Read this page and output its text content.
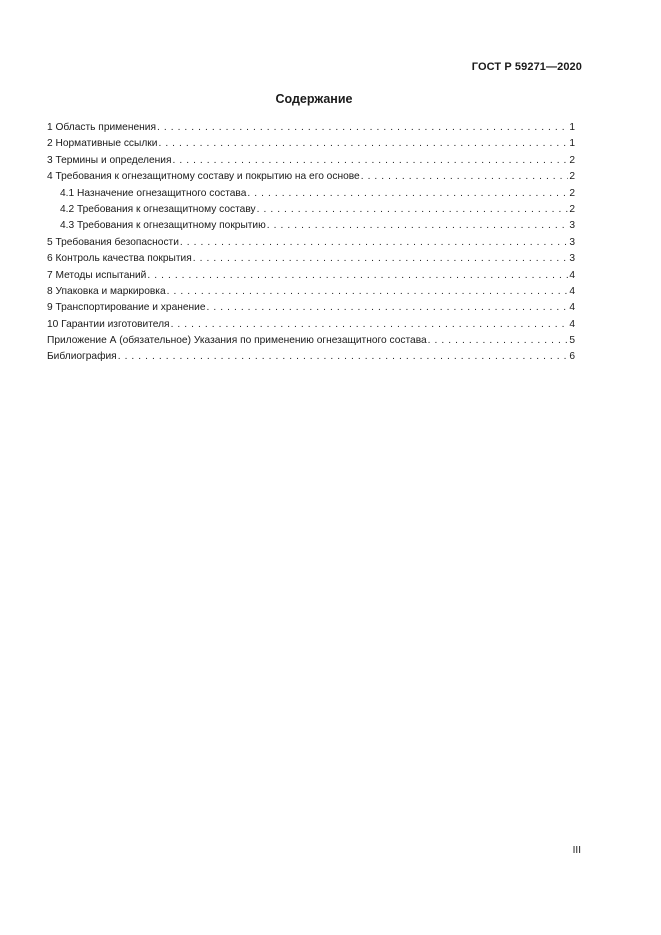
ГОСТ Р 59271—2020
Содержание
1 Область применения . . .	1
2 Нормативные ссылки . . .	1
3 Термины и определения . . .	2
4 Требования к огнезащитному составу и покрытию на его основе . . .	2
4.1 Назначение огнезащитного состава . . .	2
4.2 Требования к огнезащитному составу . . .	2
4.3 Требования к огнезащитному покрытию . . .	3
5 Требования безопасности . . .	3
6 Контроль качества покрытия . . .	3
7 Методы испытаний . . .	4
8 Упаковка и маркировка . . .	4
9 Транспортирование и хранение . . .	4
10 Гарантии изготовителя . . .	4
Приложение А (обязательное) Указания по применению огнезащитного состава . . .	5
Библиография . . .	6
III
